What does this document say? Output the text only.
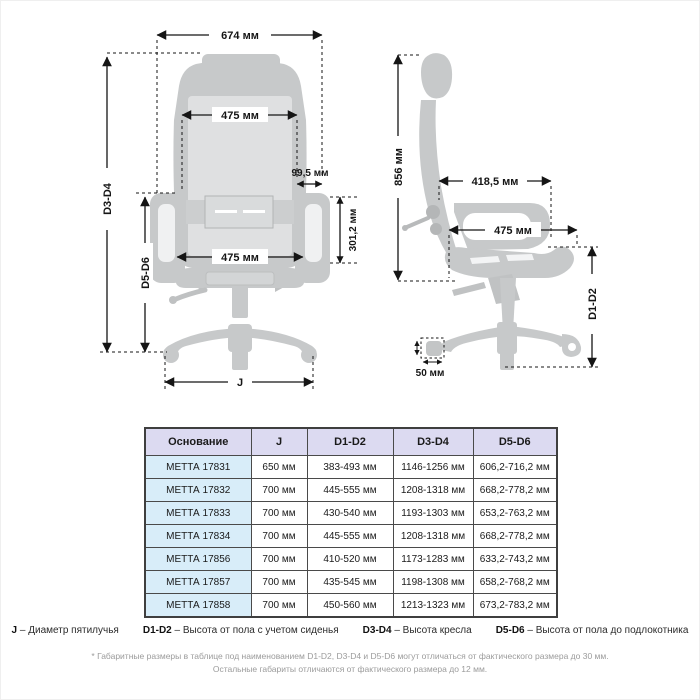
674 мм
475 мм
99,5 мм
301,2 мм
475 мм
D3-D4
D5-D6
J
856 мм	418,5 мм
475 мм
D1-D2
50 мм
Основание	J	D1-D2	D3-D4	D5-D6
МЕТТА 17831	650 мм	383-493 мм	1146-1256 мм	606,2-716,2 мм
МЕТТА 17832	700 мм	445-555 мм	1208-1318 мм	668,2-778,2 мм
МЕТТА 17833	700 мм	430-540 мм	1193-1303 мм	653,2-763,2 мм
МЕТТА 17834	700 мм	445-555 мм	1208-1318 мм	668,2-778,2 мм
МЕТТА 17856	700 мм	410-520 мм	1173-1283 мм	633,2-743,2 мм
МЕТТА 17857	700 мм	435-545 мм	1198-1308 мм	658,2-768,2 мм
МЕТТА 17858	700 мм	450-560 мм	1213-1323 мм	673,2-783,2 мм
J – Диаметр пятилучья D1-D2 – Высота от пола с учетом сиденья D3-D4 – Высота кресла D5-D6 – Высота от пола до подлокотника
* Габаритные размеры в таблице под наименованием D1-D2, D3-D4 и D5-D6 могут отличаться от фактического размера до 30 мм.
Остальные габариты отличаются от фактического размера до 12 мм.
